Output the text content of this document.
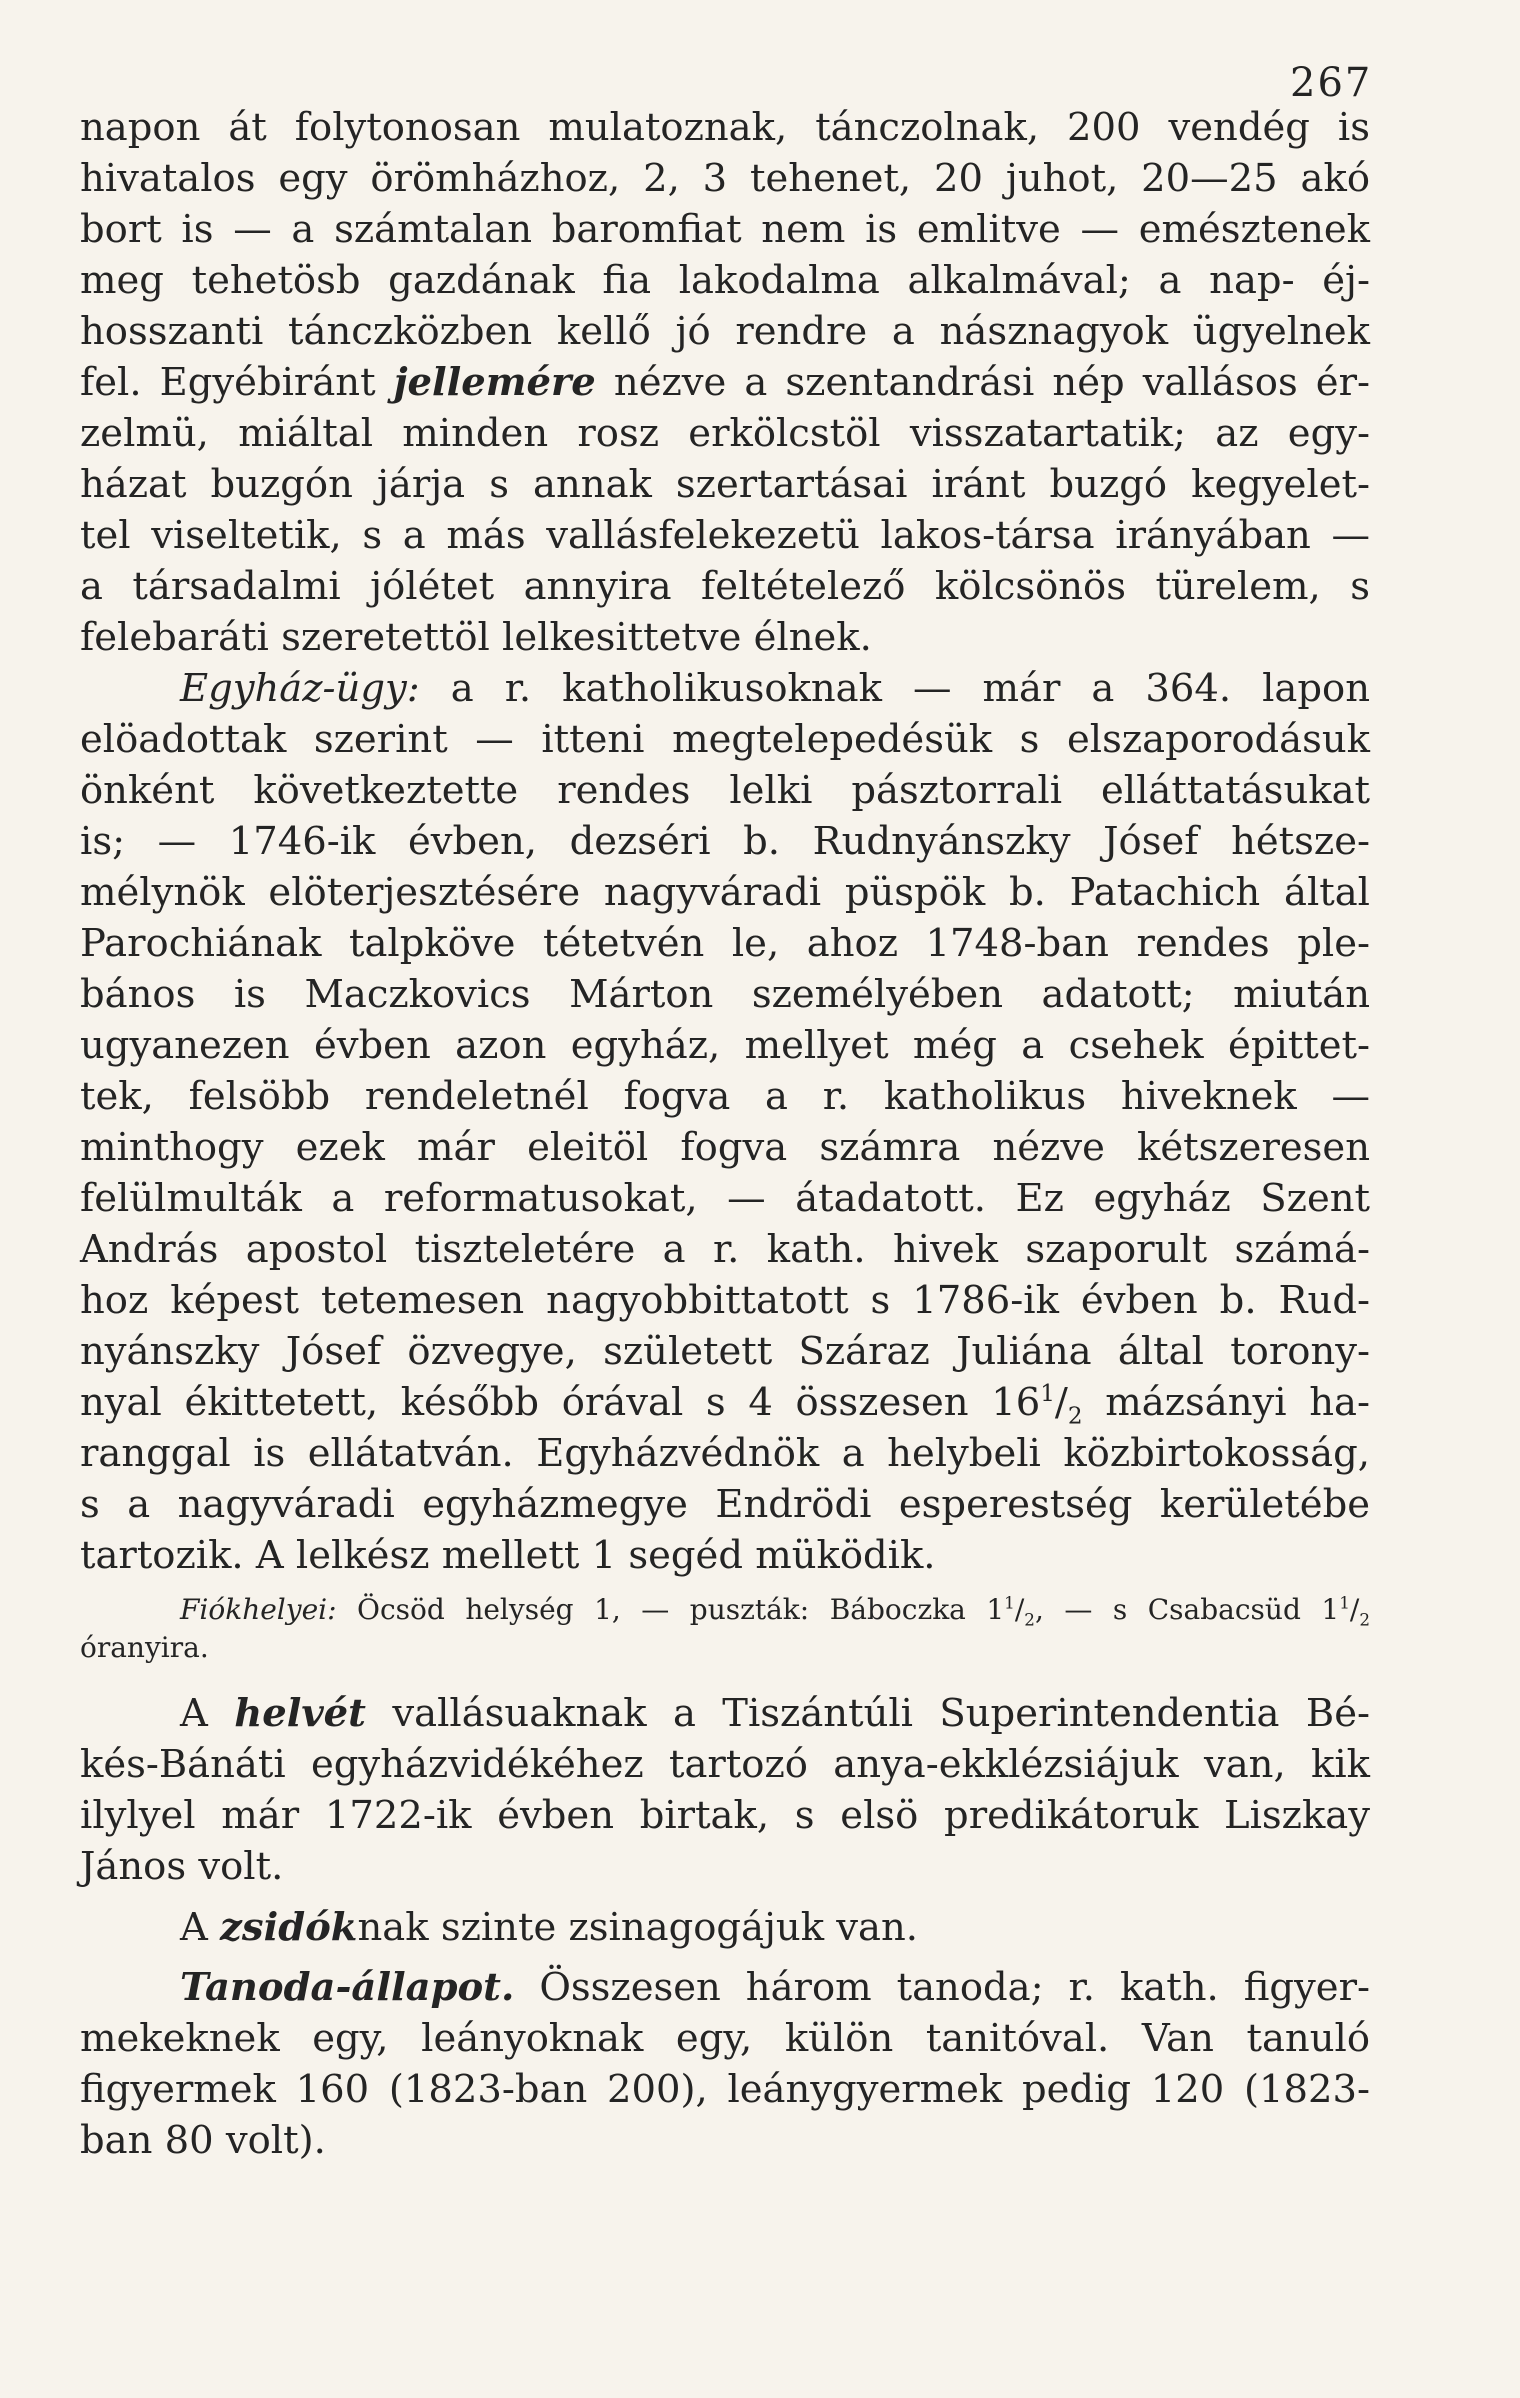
267
napon át folytonosan mulatoznak, tánczolnak, 200 vendég is
hivatalos egy örömházhoz, 2, 3 tehenet, 20 juhot, 20—25 akó
bort is — a számtalan baromfiat nem is emlitve — emésztenek
meg tehetösb gazdának fia lakodalma alkalmával; a nap- éj-
hosszanti tánczközben kellő jó rendre a násznagyok ügyelnek
fel. Egyébiránt jellemére nézve a szentandrási nép vallásos ér-
zelmü, miáltal minden rosz erkölcstöl visszatartatik; az egy-
házat buzgón járja s annak szertartásai iránt buzgó kegyelet-
tel viseltetik, s a más vallásfelekezetü lakos-társa irányában —
a társadalmi jólétet annyira feltételező kölcsönös türelem, s
felebaráti szeretettöl lelkesittetve élnek.
Egyház-ügy: a r. katholikusoknak — már a 364. lapon
elöadottak szerint — itteni megtelepedésük s elszaporodásuk
önként következtette rendes lelki pásztorrali elláttatásukat
is; — 1746-ik évben, dezséri b. Rudnyánszky Jósef hétsze-
mélynök elöterjesztésére nagyváradi püspök b. Patachich által
Parochiának talpköve tétetvén le, ahoz 1748-ban rendes ple-
bános is Maczkovics Márton személyében adatott; miután
ugyanezen évben azon egyház, mellyet még a csehek épittet-
tek, felsöbb rendeletnél fogva a r. katholikus hiveknek —
minthogy ezek már eleitöl fogva számra nézve kétszeresen
felülmulták a reformatusokat, — átadatott. Ez egyház Szent
András apostol tiszteletére a r. kath. hivek szaporult számá-
hoz képest tetemesen nagyobbittatott s 1786-ik évben b. Rud-
nyánszky Jósef özvegye, született Száraz Juliána által torony-
nyal ékittetett, később órával s 4 összesen $16^1/_2$ mázsányi ha-
ranggal is ellátatván. Egyházvédnök a helybeli közbirtokosság,
s a nagyváradi egyházmegye Endrödi esperestség kerületébe
tartozik. A lelkész mellett 1 segéd müködik.
Fiókhelyei: Öcsöd helység 1, — puszták: Báboczka $1^1/_2$, — s Csabacsüd $1^1/_2$
óranyira.
A helvét vallásuaknak a Tiszántúli Superintendentia Bé-
kés-Bánáti egyházvidékéhez tartozó anya-ekklézsiájuk van, kik
ilylyel már 1722-ik évben birtak, s elsö predikátoruk Liszkay
János volt.
A zsidóknak szinte zsinagogájuk van.
Tanoda-állapot. Összesen három tanoda; r. kath. figyer-
mekeknek egy, leányoknak egy, külön tanitóval. Van tanuló
figyermek 160 (1823-ban 200), leánygyermek pedig 120 (1823-
ban 80 volt).
